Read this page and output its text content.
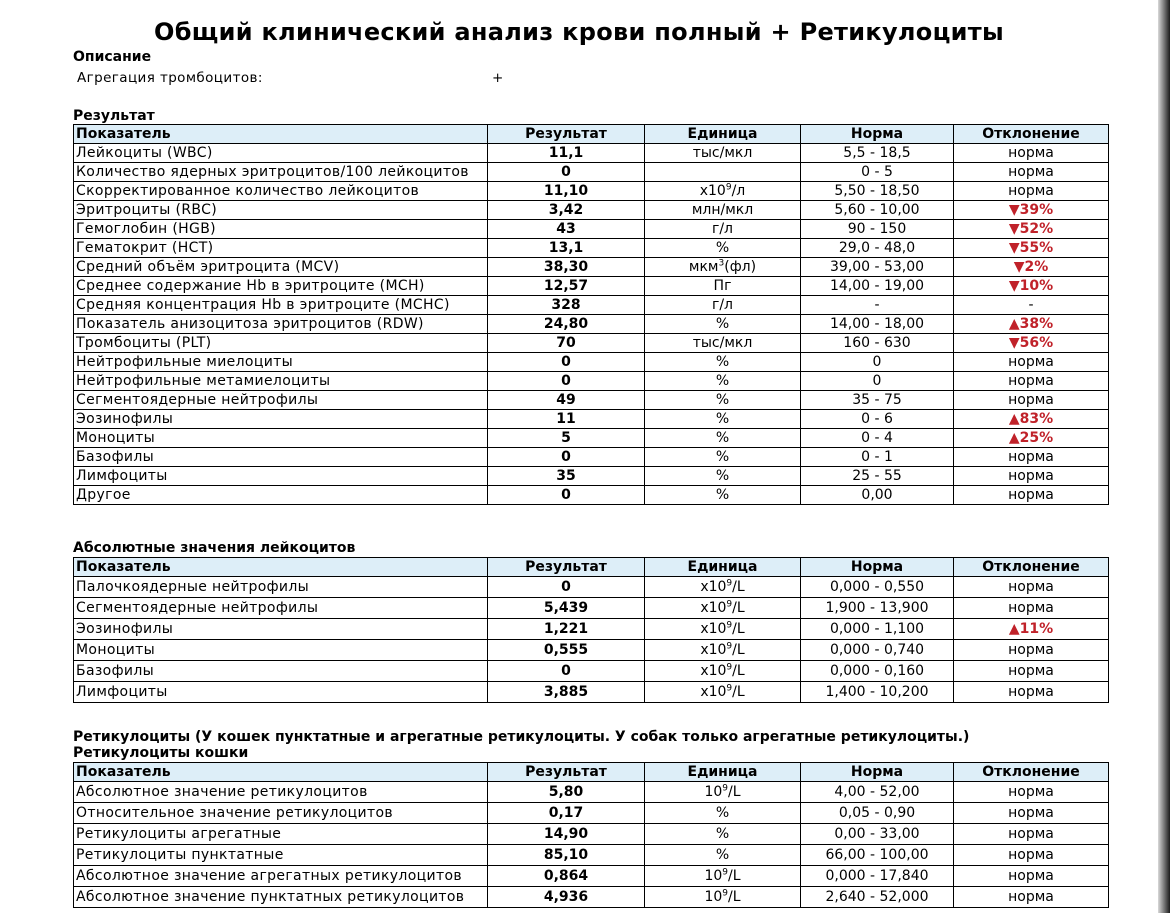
Общий клинический анализ крови полный + Ретикулоциты
Описание
Агрегация тромбоцитов:	+
Результат
Показатель	Результат	Единица	Норма	Отклонение
Лейкоциты (WBC)	11,1	тыс/мкл	5,5 - 18,5	норма
Количество ядерных эритроцитов/100 лейкоцитов	0		0 - 5	норма
Скорректированное количество лейкоцитов	11,10	$x10^9/л$	5,50 - 18,50	норма
Эритроциты (RBC)	3,42	млн/мкл	5,60 - 10,00	▼39%
Гемоглобин (HGB)	43	г/л	90 - 150	▼52%
Гематокрит (HCT)	13,1	%	29,0 - 48,0	▼55%
Средний объём эритроцита (MCV)	38,30	мкм$^3$(фл)	39,00 - 53,00	▼2%
Среднее содержание Hb в эритроците (MCH)	12,57	Пг	14,00 - 19,00	▼10%
Средняя концентрация Hb в эритроците (MCHC)	328	г/л	-	-
Показатель анизоцитоза эритроцитов (RDW)	24,80	%	14,00 - 18,00	▲38%
Тромбоциты (PLT)	70	тыс/мкл	160 - 630	▼56%
Нейтрофильные миелоциты	0	%	0	норма
Нейтрофильные метамиелоциты	0	%	0	норма
Сегментоядерные нейтрофилы	49	%	35 - 75	норма
Эозинофилы	11	%	0 - 6	▲83%
Моноциты	5	%	0 - 4	▲25%
Базофилы	0	%	0 - 1	норма
Лимфоциты	35	%	25 - 55	норма
Другое	0	%	0,00	норма
Абсолютные значения лейкоцитов
Показатель	Результат	Единица	Норма	Отклонение
Палочкоядерные нейтрофилы	0	$x10^9/L$	0,000 - 0,550	норма
Сегментоядерные нейтрофилы	5,439	$x10^9/L$	1,900 - 13,900	норма
Эозинофилы	1,221	$x10^9/L$	0,000 - 1,100	▲11%
Моноциты	0,555	$x10^9/L$	0,000 - 0,740	норма
Базофилы	0	$x10^9/L$	0,000 - 0,160	норма
Лимфоциты	3,885	$x10^9/L$	1,400 - 10,200	норма
Ретикулоциты (У кошек пунктатные и агрегатные ретикулоциты. У собак только агрегатные ретикулоциты.)
Ретикулоциты кошки
Показатель	Результат	Единица	Норма	Отклонение
Абсолютное значение ретикулоцитов	5,80	$10^9/L$	4,00 - 52,00	норма
Относительное значение ретикулоцитов	0,17	%	0,05 - 0,90	норма
Ретикулоциты агрегатные	14,90	%	0,00 - 33,00	норма
Ретикулоциты пунктатные	85,10	%	66,00 - 100,00	норма
Абсолютное значение агрегатных ретикулоцитов	0,864	$10^9/L$	0,000 - 17,840	норма
Абсолютное значение пунктатных ретикулоцитов	4,936	$10^9/L$	2,640 - 52,000	норма
